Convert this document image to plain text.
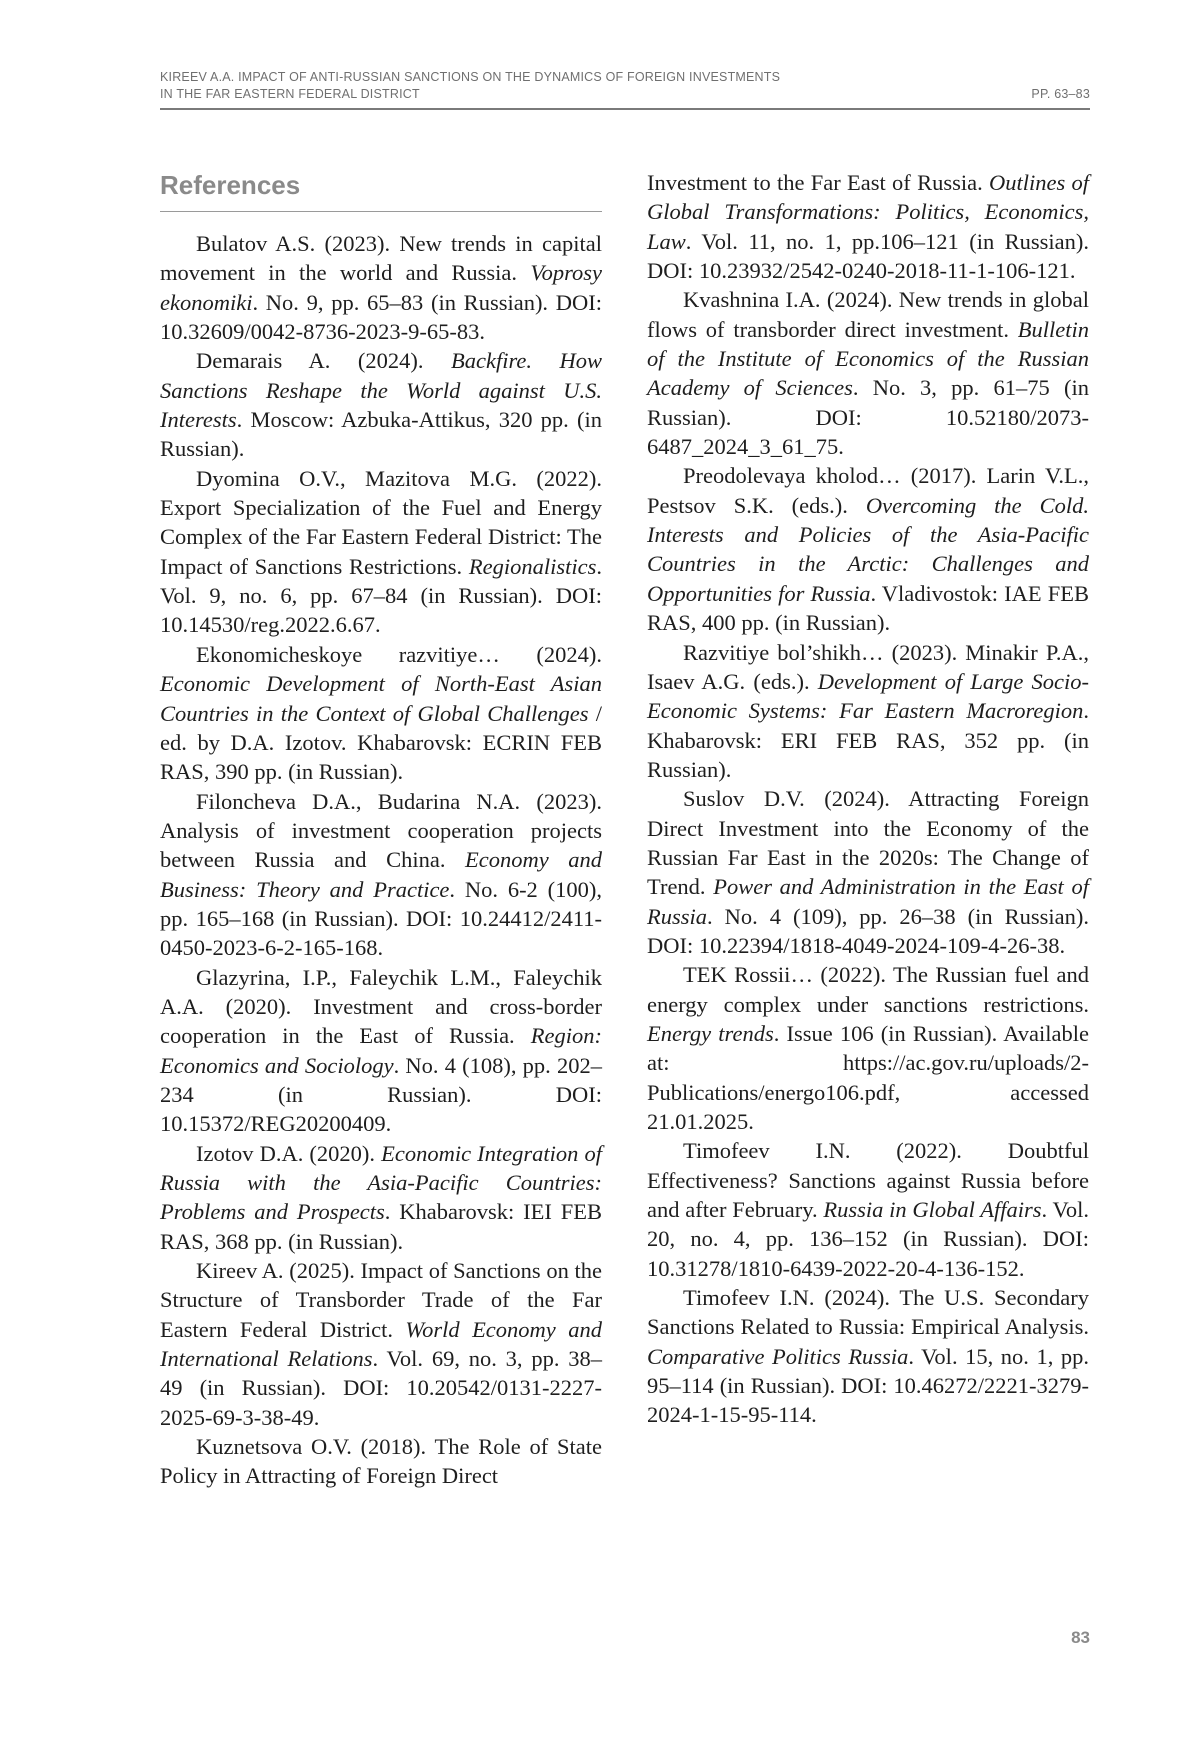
KIREEV A.A. IMPACT OF ANTI-RUSSIAN SANCTIONS ON THE DYNAMICS OF FOREIGN INVESTMENTS
IN THE FAR EASTERN FEDERAL DISTRICT	PP. 63–83
References

Bulatov A.S. (2023). New trends in capital movement in the world and Russia. Voprosy ekonomiki. No. 9, pp. 65–83 (in Russian). DOI: 10.32609/0042-8736-2023-9-65-83.

Demarais A. (2024). Backfire. How Sanctions Reshape the World against U.S. Interests. Moscow: Azbuka-Attikus, 320 pp. (in Russian).

Dyomina O.V., Mazitova M.G. (2022). Export Specialization of the Fuel and Energy Complex of the Far Eastern Federal District: The Impact of Sanctions Restrictions. Regionalistics. Vol. 9, no. 6, pp. 67–84 (in Russian). DOI: 10.14530/reg.2022.6.67.

Ekonomicheskoye razvitiye… (2024). Economic Development of North-East Asian Countries in the Context of Global Challenges / ed. by D.A. Izotov. Khabarovsk: ECRIN FEB RAS, 390 pp. (in Russian).

Filoncheva D.A., Budarina N.A. (2023). Analysis of investment cooperation projects between Russia and China. Economy and Business: Theory and Practice. No. 6-2 (100), pp. 165–168 (in Russian). DOI: 10.24412/2411-0450-2023-6-2-165-168.

Glazyrina, I.P., Faleychik L.M., Faleychik A.A. (2020). Investment and cross-border cooperation in the East of Russia. Region: Economics and Sociology. No. 4 (108), pp. 202–234 (in Russian). DOI: 10.15372/REG20200409.

Izotov D.A. (2020). Economic Integration of Russia with the Asia-Pacific Countries: Problems and Prospects. Khabarovsk: IEI FEB RAS, 368 pp. (in Russian).

Kireev A. (2025). Impact of Sanctions on the Structure of Transborder Trade of the Far Eastern Federal District. World Economy and International Relations. Vol. 69, no. 3, pp. 38–49 (in Russian). DOI: 10.20542/0131-2227-2025-69-3-38-49.

Kuznetsova O.V. (2018). The Role of State Policy in Attracting of Foreign Direct

Investment to the Far East of Russia. Outlines of Global Transformations: Politics, Economics, Law. Vol. 11, no. 1, pp.106–121 (in Russian). DOI: 10.23932/2542-0240-2018-11-1-106-121.

Kvashnina I.A. (2024). New trends in global flows of transborder direct investment. Bulletin of the Institute of Economics of the Russian Academy of Sciences. No. 3, pp. 61–75 (in Russian). DOI: 10.52180/2073-6487_2024_3_61_75.

Preodolevaya kholod… (2017). Larin V.L., Pestsov S.K. (eds.). Overcoming the Cold. Interests and Policies of the Asia-Pacific Countries in the Arctic: Challenges and Opportunities for Russia. Vladivostok: IAE FEB RAS, 400 pp. (in Russian).

Razvitiye bol’shikh… (2023). Minakir P.A., Isaev A.G. (eds.). Development of Large Socio-Economic Systems: Far Eastern Macroregion. Khabarovsk: ERI FEB RAS, 352 pp. (in Russian).

Suslov D.V. (2024). Attracting Foreign Direct Investment into the Economy of the Russian Far East in the 2020s: The Change of Trend. Power and Administration in the East of Russia. No. 4 (109), pp. 26–38 (in Russian). DOI: 10.22394/1818-4049-2024-109-4-26-38.

TEK Rossii… (2022). The Russian fuel and energy complex under sanctions restrictions. Energy trends. Issue 106 (in Russian). Available at: https://ac.gov.ru/uploads/2-Publications/energo106.pdf, accessed 21.01.2025.

Timofeev I.N. (2022). Doubtful Effectiveness? Sanctions against Russia before and after February. Russia in Global Affairs. Vol. 20, no. 4, pp. 136–152 (in Russian). DOI: 10.31278/1810-6439-2022-20-4-136-152.

Timofeev I.N. (2024). The U.S. Secondary Sanctions Related to Russia: Empirical Analysis. Comparative Politics Russia. Vol. 15, no. 1, pp. 95–114 (in Russian). DOI: 10.46272/2221-3279-2024-1-15-95-114.

83
